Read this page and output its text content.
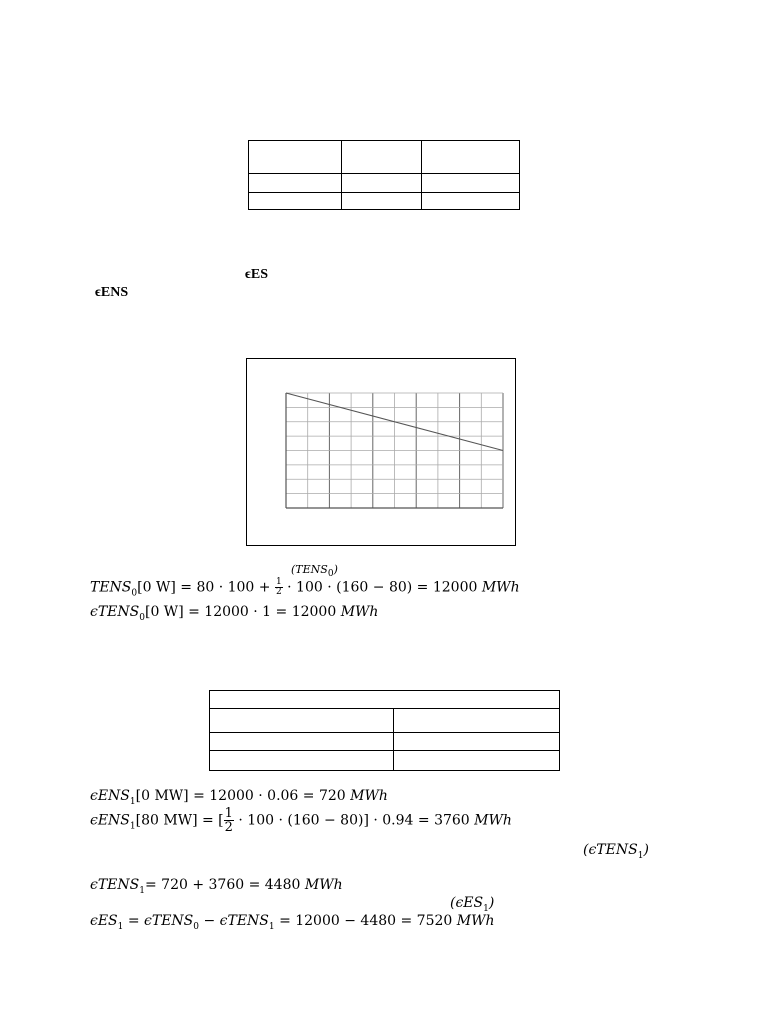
ϵES
ϵENS
$(TENS_0)$
$TENS_0[0$ $W] = 80 \cdot 100 + \frac{1}{2} \cdot 100 \cdot (160 - 80) = 12000$ MWh
ϵTENS$_0$[0 W] = 12000 · 1 = 12000 MWh

ϵENS$_1$[0 MW] = 12000 · 0.06 = 720 MWh
ϵENS$_1$[80 MW] = [ $\frac{1}{2} \cdot 100 \cdot (160 - 80)] \cdot 0.94 = 3760$ MWh
(ϵTENS$_1$)
ϵTENS$_1$= 720 + 3760 = 4480 MWh
(ϵES$_1$)
ϵES$_1$ = ϵTENS$_0$ − ϵTENS$_1$ = 12000 − 4480 = 7520 MWh
